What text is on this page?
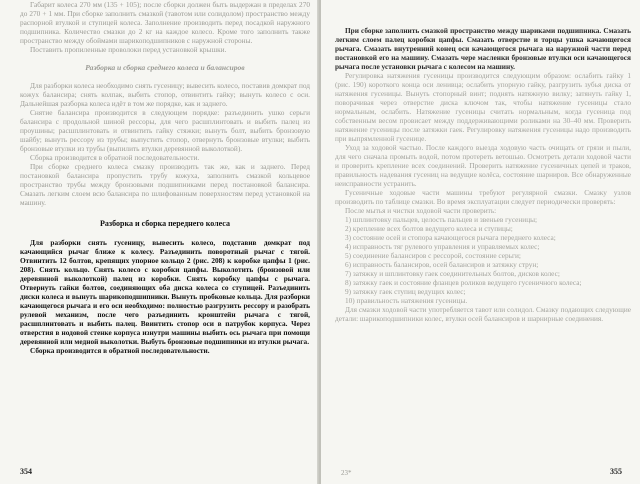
Габарит колеса 270 мм (135 + 105); после сборки должен быть выдержан в пределах 270 до 270 + 1 мм. При сборке заполнить смазкой (тавотом или солидолом) пространство между распорной втулкой и ступицей колеса. Заполнение производить перед посадкой наружного подшипника. Количество смазки до 2 кг на каждое колесо. Кроме того заполнить также пространство между обоймами шарикоподшипников с наружной стороны.

Поставить пропиленные проволоки перед установкой крышки.

Разборка и сборка среднего колеса и балансиров

Для разборки колеса необходимо снять гусеницу; вывесить колесо, поставив домкрат под кожух балансира; снять колпак, выбить стопор, отвинтить гайку; вынуть колесо с оси. Дальнейшая разборка колеса идёт в том же порядке, как и заднего.

Снятие балансира производится в следующем порядке: разъединить ушко серьги балансира с продольной шиной рессоры, для чего расшплинтовать и выбить палец из проушины; расшплинтовать и отвинтить гайку стяжки; вынуть болт, выбить бронзовую шайбу; вынуть рессору из трубы; выпустить стопор, отвернуть бронзовые втулки; выбить бронзовые втулки из трубы (выпилить втулки деревянной выколоткой).

Сборка производится в обратной последовательности.

При сборке среднего колеса смазку производить так же, как и заднего. Перед постановкой балансира пропустить трубу кожуха, заполнить смазкой кольцевое пространство трубы между бронзовыми подшипниками перед постановкой балансира. Смазать легким слоем всю балансира по шлифованным поверхностям перед установкой на машину.

Разборка и сборка переднего колеса

Для разборки снять гусеницу, вывесить колесо, подставив домкрат под качающийся рычаг ближе к колесу. Разъединить поворотный рычаг с тягой. Отвинтить 12 болтов, крепящих упорное кольцо 2 (рис. 208) к коробке цапфы 1 (рис. 208). Снять кольцо. Снять колесо с коробки цапфы. Выколотить (бронзовой или деревянной выколоткой) палец из коробки. Снять коробку цапфы с рычага. Отвернуть гайки болтов, соединяющих оба диска колеса со ступицей. Разъединить диски колеса и вынуть шарикоподшипники. Вынуть пробковые кольца. Для разборки качающегося рычага и его оси необходимо: полностью разгрузить рессору и разобрать рулевой механизм, после чего разъединить кронштейн рычага с тягой, расшплинтовать и выбить палец. Ввинтить стопор оси в патрубок корпуса. Через отверстия в нодовой стенке корпуса изнутри машины выбить ось рычага при помощи деревянной или медной выколотки. Выбуть бронзовые подшипники из втулки рычага.

Сборка производится в обратной последовательности.

354

При сборке заполнить смазкой пространство между шариками подшипника. Смазать легким слоем палец коробки цапфы. Смазать отверстие и торцы ушка качающегося рычага. Смазать внутренний конец оси качающегося рычага на наружной части перед постановкой его на машину. Смазать чере масленки бронзовые втулки оси качающегося рычага после установки рычага с колесом на машину.

Регулировка натяжения гусеницы производится следующим образом: ослабить гайку 1 (рис. 190) короткого конца оси ленивца; ослабить упорную гайку, разгрузить зубья диска от натяжения гусеницы. Вынуть стопорный винт; поднять натяжную вилку; затянуть гайку 1, поворачивая через отверстие диска ключом так, чтобы натяжение гусеницы стало нормальным, ослабить. Натяжение гусеницы считать нормальным, когда гусеница под собственным весом провисает между поддерживающими роликами на 30–40 мм. Проверить натяжение гусеницы после затяжки гаек. Регулировку натяжения гусеницы надо производить при выпрямленной гусенице.

Уход за ходовой частью. После каждого выезда ходовую часть очищать от грязи и пыли, для чего сначала промыть водой, потом протереть ветошью. Осмотреть детали ходовой части и проверить крепление всех соединений. Проверить натяжение гусеничных цепей и траков, правильность надевания гусениц на ведущие колёса, состояние шарниров. Все обнаруженные неисправности устранить.

Гусеничные ходовые части машины требуют регулярной смазки. Смазку узлов производить по таблице смазки. Во время эксплуатации следует периодически проверять:

После мытья и чистки ходовой части проверить:

1) шплинтовку пальцев, целость пальцев и звеньев гусеницы;

2) крепление всех болтов ведущего колеса и ступицы;

3) состояние осей и стопора качающегося рычага переднего колеса;

4) исправность тяг рулевого управления и управляемых колес;

5) соединение балансиров с рессорой, состояние серьги;

6) исправность балансиров, осей балансиров и затяжку струн;

7) затяжку и шплинтовку гаек соединительных болтов, дисков колес;

8) затяжку гаек и состояние фланцев роликов ведущего гусеничного колеса;

9) затяжку гаек ступиц ведущих колес;

10) правильность натяжения гусеницы.

Для смазки ходовой части употребляется тавот или солидол. Смазку подающих следующие детали: шарикоподшипники колес, втулки осей балансиров и шарнирные соединения.

23*	355
